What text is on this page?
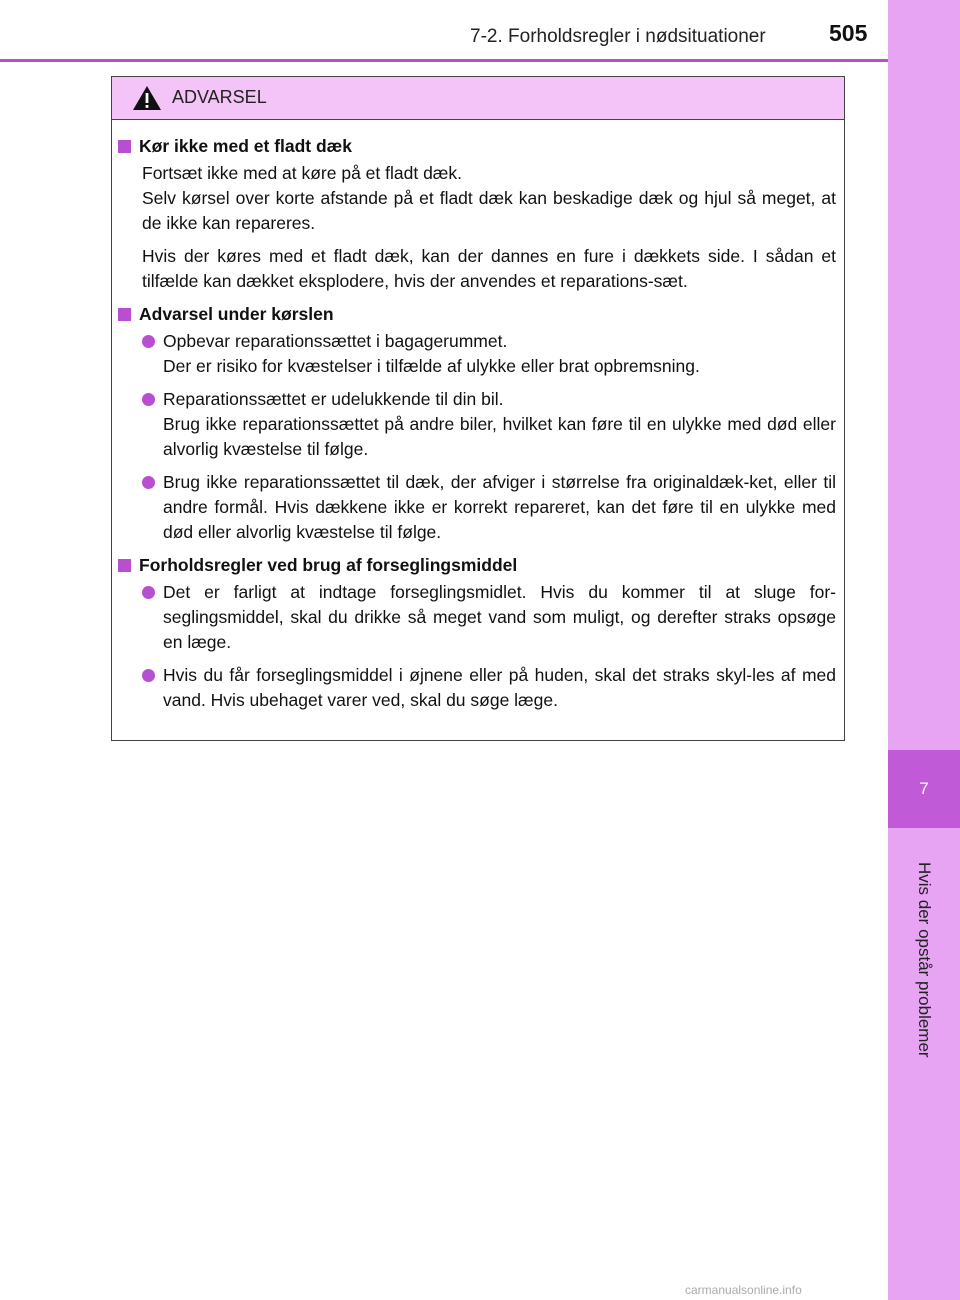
7
Hvis der opstår problemer
7-2. Forholdsregler i nødsituationer	505
ADVARSEL
Kør ikke med et fladt dæk

Fortsæt ikke med at køre på et fladt dæk.

Selv kørsel over korte afstande på et fladt dæk kan beskadige dæk og hjul så meget, at de ikke kan repareres.

Hvis der køres med et fladt dæk, kan der dannes en fure i dækkets side. I sådan et tilfælde kan dækket eksplodere, hvis der anvendes et reparations-sæt.

Advarsel under kørslen

Opbevar reparationssættet i bagagerummet.

Der er risiko for kvæstelser i tilfælde af ulykke eller brat opbremsning.

Reparationssættet er udelukkende til din bil.

Brug ikke reparationssættet på andre biler, hvilket kan føre til en ulykke med død eller alvorlig kvæstelse til følge.

Brug ikke reparationssættet til dæk, der afviger i størrelse fra originaldæk-ket, eller til andre formål. Hvis dækkene ikke er korrekt repareret, kan det føre til en ulykke med død eller alvorlig kvæstelse til følge.

Forholdsregler ved brug af forseglingsmiddel

Det er farligt at indtage forseglingsmidlet. Hvis du kommer til at sluge for-seglingsmiddel, skal du drikke så meget vand som muligt, og derefter straks opsøge en læge.

Hvis du får forseglingsmiddel i øjnene eller på huden, skal det straks skyl-les af med vand. Hvis ubehaget varer ved, skal du søge læge.

carmanualsonline.info
